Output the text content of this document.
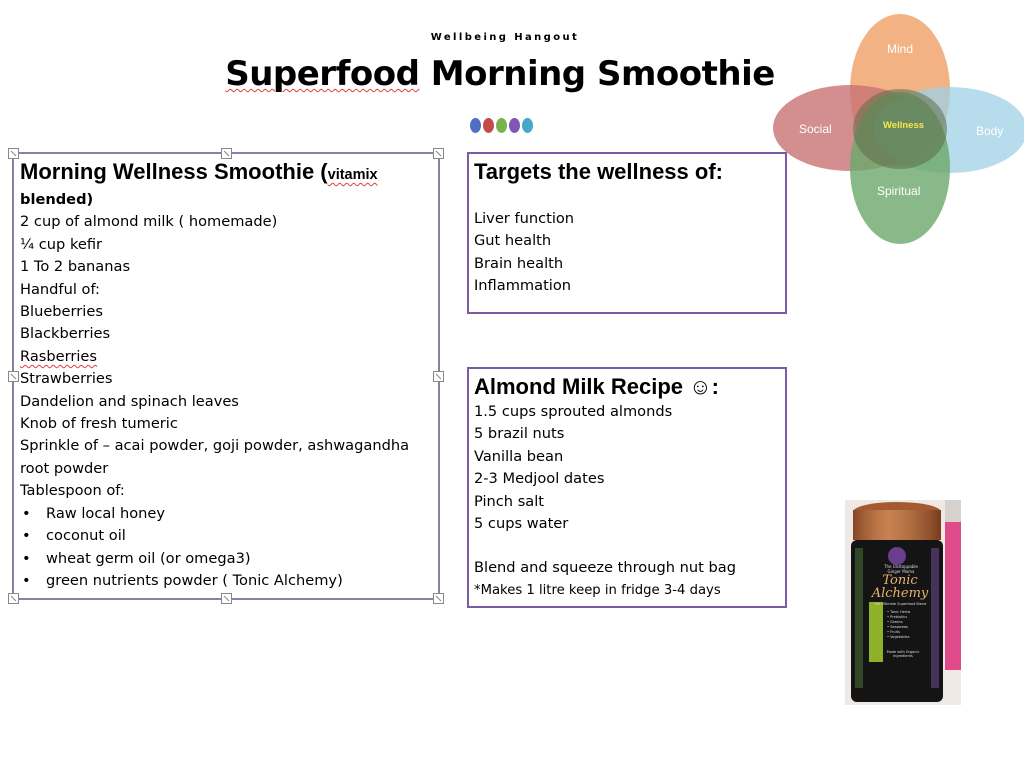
Wellbeing Hangout
Superfood Morning Smoothie
Mind
Social	Body
Spiritual
Wellness
Morning Wellness Smoothie (vitamix
blended)
2 cup of almond milk ( homemade)
¼ cup kefir
1 To 2 bananas
Handful of:
Blueberries
Blackberries
Rasberries
Strawberries
Dandelion and spinach leaves
Knob of fresh tumeric
Sprinkle of – acai powder, goji powder, ashwagandha root powder
Tablespoon of:
• Raw local honey
• coconut oil
• wheat germ oil (or omega3)
• green nutrients powder ( Tonic Alchemy)
Targets the wellness of:
Liver function
Gut health
Brain health
Inflammation
Almond Milk Recipe ☺:
1.5 cups sprouted almonds
5 brazil nuts
Vanilla bean
2-3 Medjool dates
Pinch salt
5 cups water
Blend and squeeze through nut bag
*Makes 1 litre keep in fridge 3-4 days
The Unstoppable Ginger Mama
Tonic Alchemy
The Ultimate Superfood Blend
• Tonic Herbs
• Prebiotics
• Greens
• Seaweeds
• Fruits
• Vegetables
Made with Organic Ingredients
